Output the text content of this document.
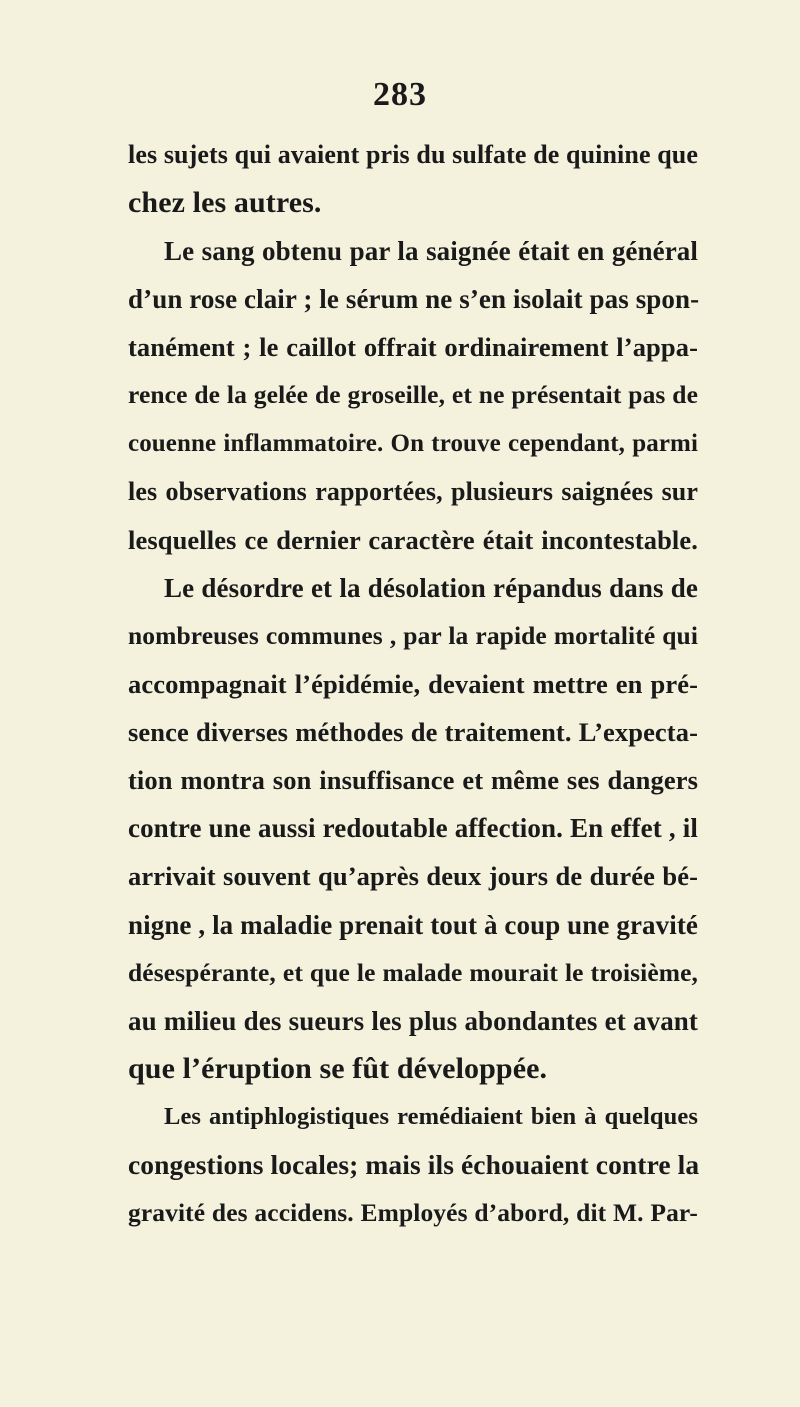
283
les sujets qui avaient pris du sulfate de quinine que
chez les autres.
Le sang obtenu par la saignée était en général
d’un rose clair ; le sérum ne s’en isolait pas spon-
tanément ; le caillot offrait ordinairement l’appa-
rence de la gelée de groseille, et ne présentait pas de
couenne inflammatoire. On trouve cependant, parmi
les observations rapportées, plusieurs saignées sur
lesquelles ce dernier caractère était incontestable.
Le désordre et la désolation répandus dans de
nombreuses communes , par la rapide mortalité qui
accompagnait l’épidémie, devaient mettre en pré-
sence diverses méthodes de traitement. L’expecta-
tion montra son insuffisance et même ses dangers
contre une aussi redoutable affection. En effet , il
arrivait souvent qu’après deux jours de durée bé-
nigne , la maladie prenait tout à coup une gravité
désespérante, et que le malade mourait le troisième,
au milieu des sueurs les plus abondantes et avant
que l’éruption se fût développée.
Les antiphlogistiques remédiaient bien à quelques
congestions locales; mais ils échouaient contre la
gravité des accidens. Employés d’abord, dit M. Par-
